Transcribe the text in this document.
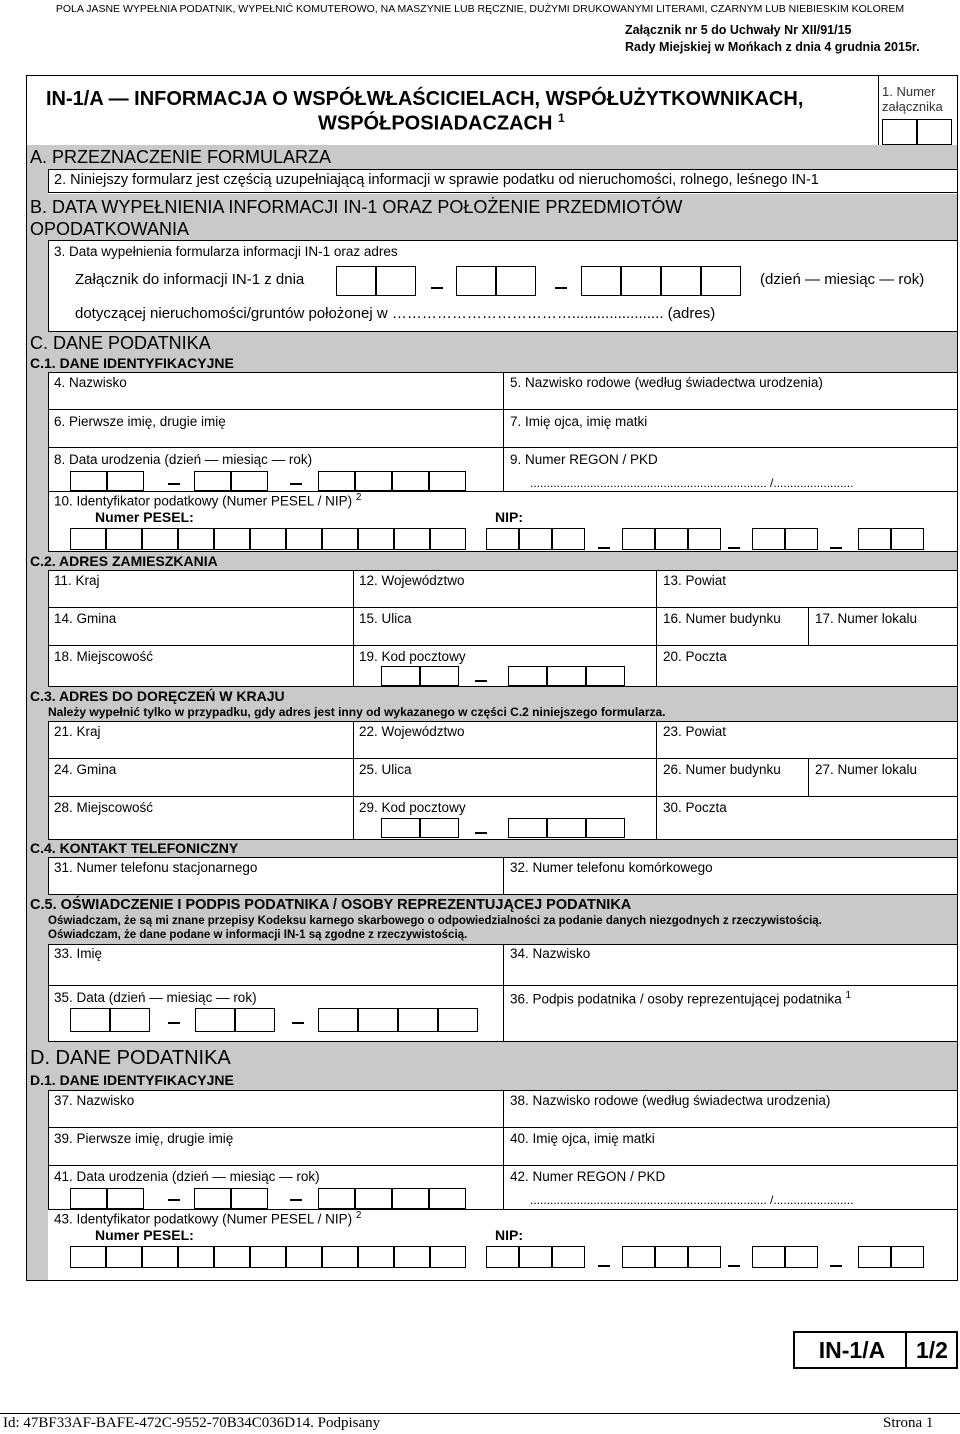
POLA JASNE WYPEŁNIA PODATNIK, WYPEŁNIĆ KOMUTEROWO, NA MASZYNIE LUB RĘCZNIE, DUŻYMI DRUKOWANYMI LITERAMI, CZARNYM LUB NIEBIESKIM KOLOREM
Załącznik nr 5 do Uchwały Nr XII/91/15
Rady Miejskiej w Mońkach z dnia 4 grudnia 2015r.
IN-1/A — INFORMACJA O WSPÓŁWŁAŚCICIELACH, WSPÓŁUŻYTKOWNIKACH,
WSPÓŁPOSIADACZACH $^1$
1. Numer
załącznika
A. PRZEZNACZENIE FORMULARZA
2. Niniejszy formularz jest częścią uzupełniającą informacji w sprawie podatku od nieruchomości, rolnego, leśnego IN-1
B. DATA WYPEŁNIENIA INFORMACJI IN-1 ORAZ POŁOŻENIE PRZEDMIOTÓW
OPODATKOWANIA
3. Data wypełnienia formularza informacji IN-1 oraz adres
Załącznik do informacji IN-1 z dnia	(dzień — miesiąc — rok)
dotyczącej nieruchomości/gruntów położonej w ………………………………...................... (adres)
C. DANE PODATNIKA
C.1. DANE IDENTYFIKACYJNE
4. Nazwisko	5. Nazwisko rodowe (według świadectwa urodzenia)
6. Pierwsze imię, drugie imię	7. Imię ojca, imię matki
8. Data urodzenia (dzień — miesiąc — rok)	9. Numer REGON / PKD
....................................................................... /........................
10. Identyfikator podatkowy (Numer PESEL / NIP) $^2$
Numer PESEL:	NIP:
C.2. ADRES ZAMIESZKANIA
11. Kraj	12. Województwo	13. Powiat
14. Gmina	15. Ulica	16. Numer budynku	17. Numer lokalu
18. Miejscowość	19. Kod pocztowy	20. Poczta
C.3. ADRES DO DORĘCZEŃ W KRAJU
Należy wypełnić tylko w przypadku, gdy adres jest inny od wykazanego w części C.2 niniejszego formularza.
21. Kraj	22. Województwo	23. Powiat
24. Gmina	25. Ulica	26. Numer budynku	27. Numer lokalu
28. Miejscowość	29. Kod pocztowy	30. Poczta
C.4. KONTAKT TELEFONICZNY
31. Numer telefonu stacjonarnego	32. Numer telefonu komórkowego
C.5. OŚWIADCZENIE I PODPIS PODATNIKA / OSOBY REPREZENTUJĄCEJ PODATNIKA
Oświadczam, że są mi znane przepisy Kodeksu karnego skarbowego o odpowiedzialności za podanie danych niezgodnych z rzeczywistością.
Oświadczam, że dane podane w informacji IN-1 są zgodne z rzeczywistością.
33. Imię	34. Nazwisko
35. Data (dzień — miesiąc — rok)	36. Podpis podatnika / osoby reprezentującej podatnika $^1$
D. DANE PODATNIKA
D.1. DANE IDENTYFIKACYJNE
37. Nazwisko	38. Nazwisko rodowe (według świadectwa urodzenia)
39. Pierwsze imię, drugie imię	40. Imię ojca, imię matki
41. Data urodzenia (dzień — miesiąc — rok)	42. Numer REGON / PKD
....................................................................... /........................
43. Identyfikator podatkowy (Numer PESEL / NIP) $^2$
Numer PESEL:	NIP:
IN-1/A	1/2
Id: 47BF33AF-BAFE-472C-9552-70B34C036D14. Podpisany	Strona 1
